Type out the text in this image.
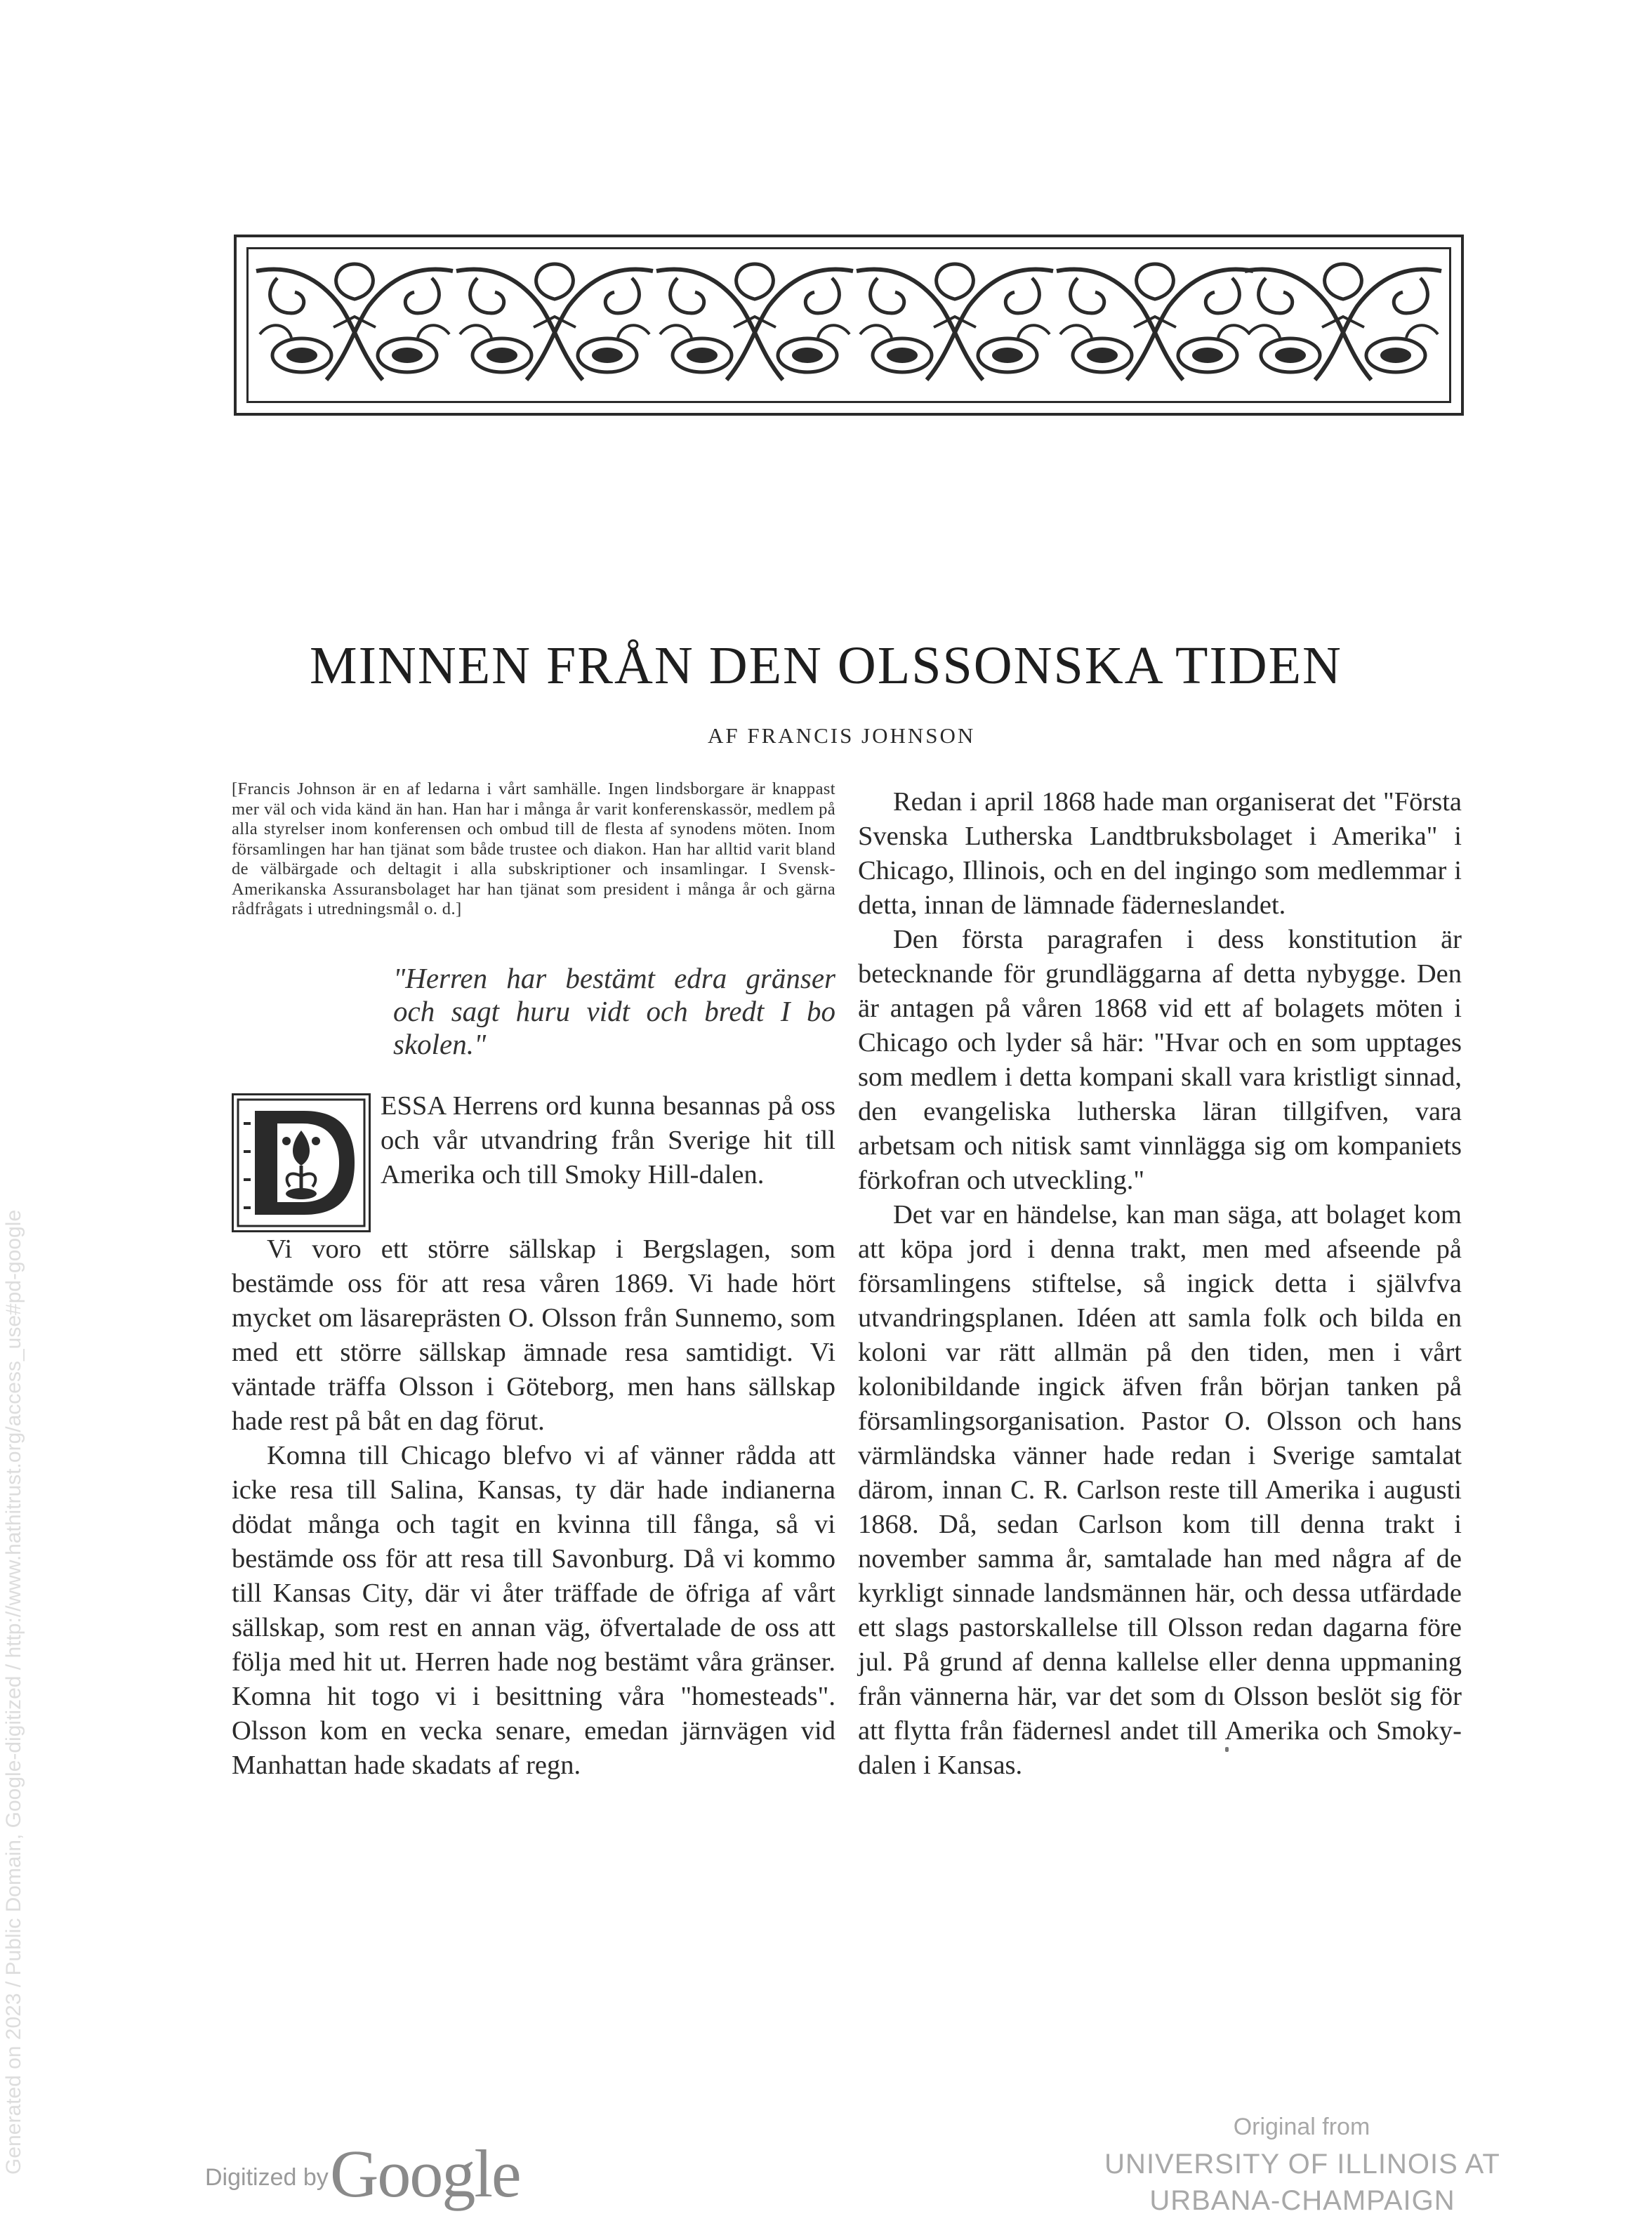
MINNEN FRÅN DEN OLSSONSKA TIDEN
AF FRANCIS JOHNSON

[Francis Johnson är en af ledarna i vårt samhälle. Ingen lindsborgare är knappast mer väl och vida känd än han. Han har i många år varit konferenskassör, medlem på alla styrelser inom konferensen och ombud till de flesta af synodens möten. Inom församlingen har han tjänat som både trustee och diakon. Han har alltid varit bland de välbärgade och deltagit i alla subskriptioner och insamlingar. I Svensk-Amerikanska Assuransbolaget har han tjänat som president i många år och gärna rådfrågats i utredningsmål o. d.]

"Herren har bestämt edra gränser och sagt huru vidt och bredt I bo skolen."

ESSA Herrens ord kunna besannas på oss och vår utvandring från Sverige hit till Amerika och till Smoky Hill-dalen.

Vi voro ett större sällskap i Bergslagen, som bestämde oss för att resa våren 1869. Vi hade hört mycket om läsareprästen O. Olsson från Sunnemo, som med ett större sällskap ämnade resa samtidigt. Vi väntade träffa Olsson i Göteborg, men hans sällskap hade rest på båt en dag förut.

Komna till Chicago blefvo vi af vänner rådda att icke resa till Salina, Kansas, ty där hade indianerna dödat många och tagit en kvinna till fånga, så vi bestämde oss för att resa till Savonburg. Då vi kommo till Kansas City, där vi åter träffade de öfriga af vårt sällskap, som rest en annan väg, öfvertalade de oss att följa med hit ut. Herren hade nog bestämt våra gränser. Komna hit togo vi i besittning våra "homesteads". Olsson kom en vecka senare, emedan järnvägen vid Manhattan hade skadats af regn.

Redan i april 1868 hade man organiserat det "Första Svenska Lutherska Landtbruksbolaget i Amerika" i Chicago, Illinois, och en del ingingo som medlemmar i detta, innan de lämnade fäderneslandet.

Den första paragrafen i dess konstitution är betecknande för grundläggarna af detta nybygge. Den är antagen på våren 1868 vid ett af bolagets möten i Chicago och lyder så här: "Hvar och en som upptages som medlem i detta kompani skall vara kristligt sinnad, den evangeliska lutherska läran tillgifven, vara arbetsam och nitisk samt vinnlägga sig om kompaniets förkofran och utveckling."

Det var en händelse, kan man säga, att bolaget kom att köpa jord i denna trakt, men med afseende på församlingens stiftelse, så ingick detta i självfva utvandringsplanen. Idéen att samla folk och bilda en koloni var rätt allmän på den tiden, men i vårt kolonibildande ingick äfven från början tanken på församlingsorganisation. Pastor O. Olsson och hans värmländska vänner hade redan i Sverige samtalat därom, innan C. R. Carlson reste till Amerika i augusti 1868. Då, sedan Carlson kom till denna trakt i november samma år, samtalade han med några af de kyrkligt sinnade landsmännen här, och dessa utfärdade ett slags pastorskallelse till Olsson redan dagarna före jul. På grund af denna kallelse eller denna uppmaning från vännerna här, var det som dı Olsson beslöt sig för att flytta från fädernesl andet till Amerika och Smoky-dalen i Kansas.

Generated on 2023 / Public Domain, Google-digitized / http://www.hathitrust.org/access_use#pd-google
Digitized by Google
Original from
UNIVERSITY OF ILLINOIS AT
URBANA-CHAMPAIGN
